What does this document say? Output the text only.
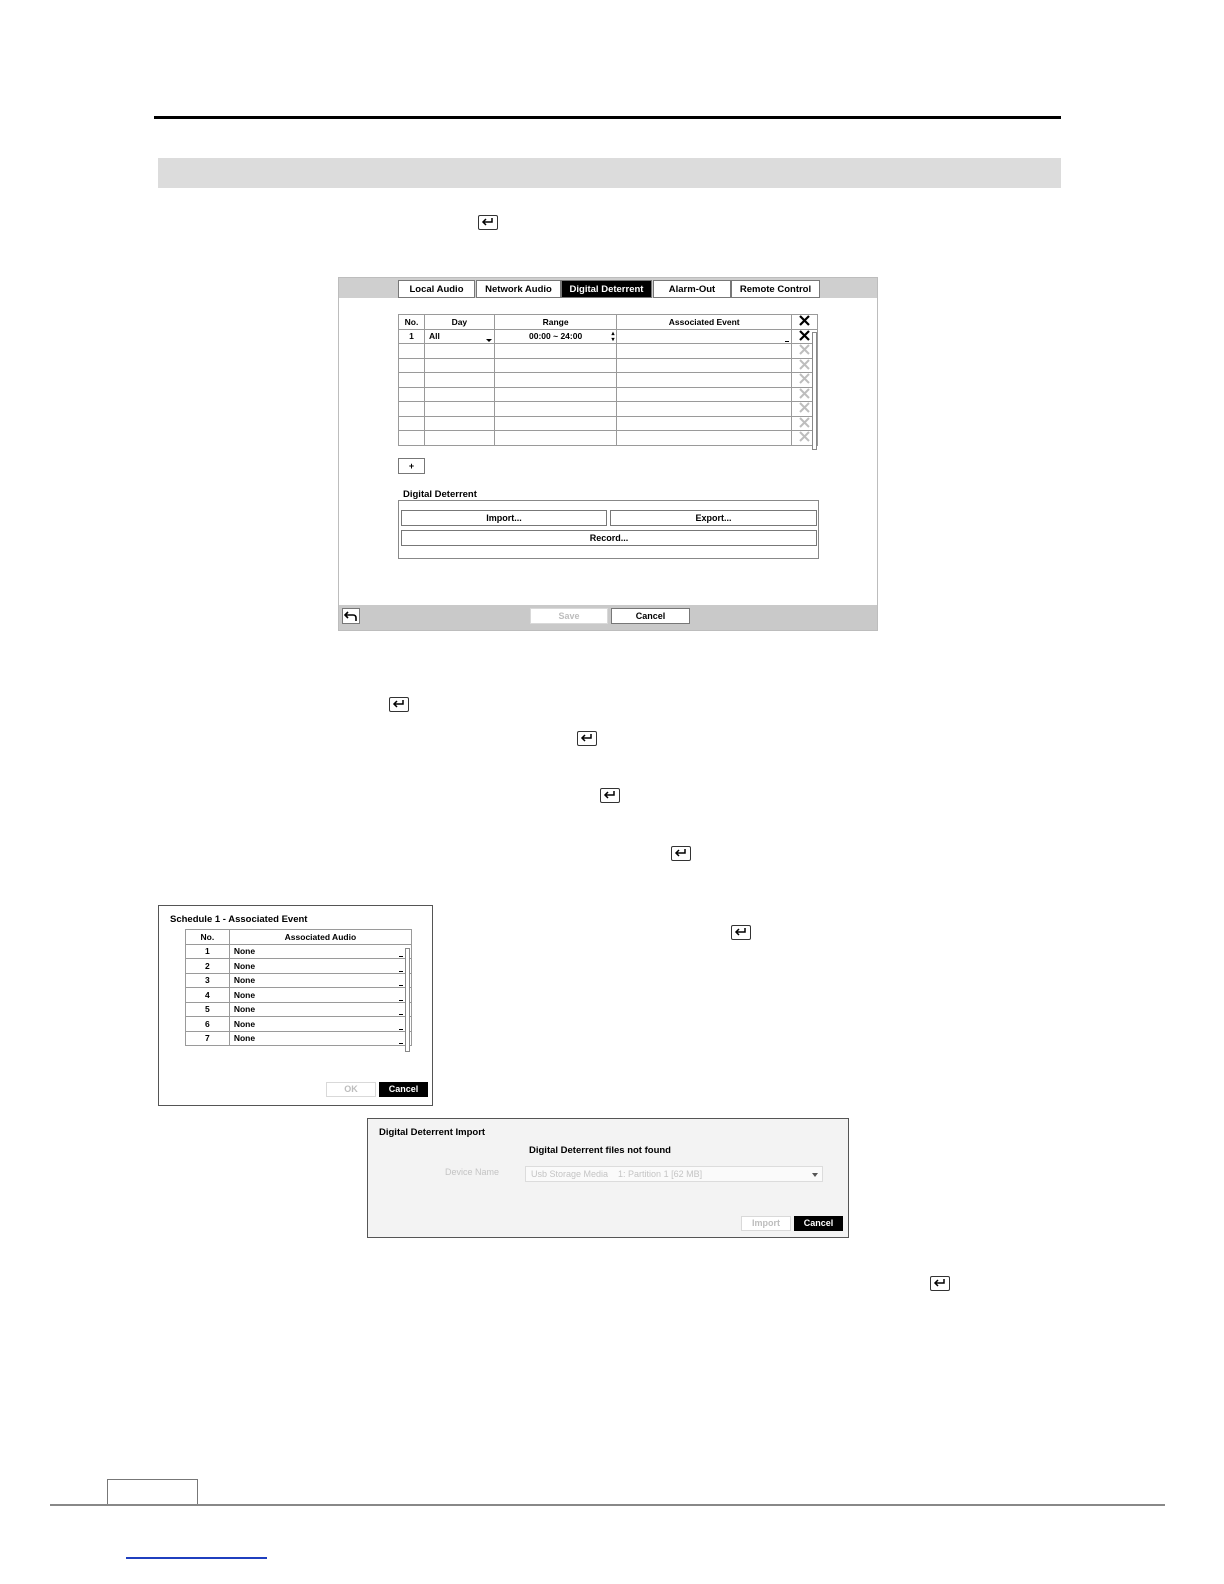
Local Audio	Network Audio	Digital Deterrent	Alarm-Out	Remote Control
No.	Day	Range	Associated Event	
1	All	00:00 ~ 24:00 ▴
▾

+
Digital Deterrent
Import...	Export...
Record...
Save	Cancel
Schedule 1 - Associated Event
No.	Associated Audio
1	None

2	None

3	None

4	None

5	None

6	None

7	None
OK	Cancel
Digital Deterrent Import
Digital Deterrent files not found
Device Name	Usb Storage Media    1: Partition 1 [62 MB]
Import	Cancel
